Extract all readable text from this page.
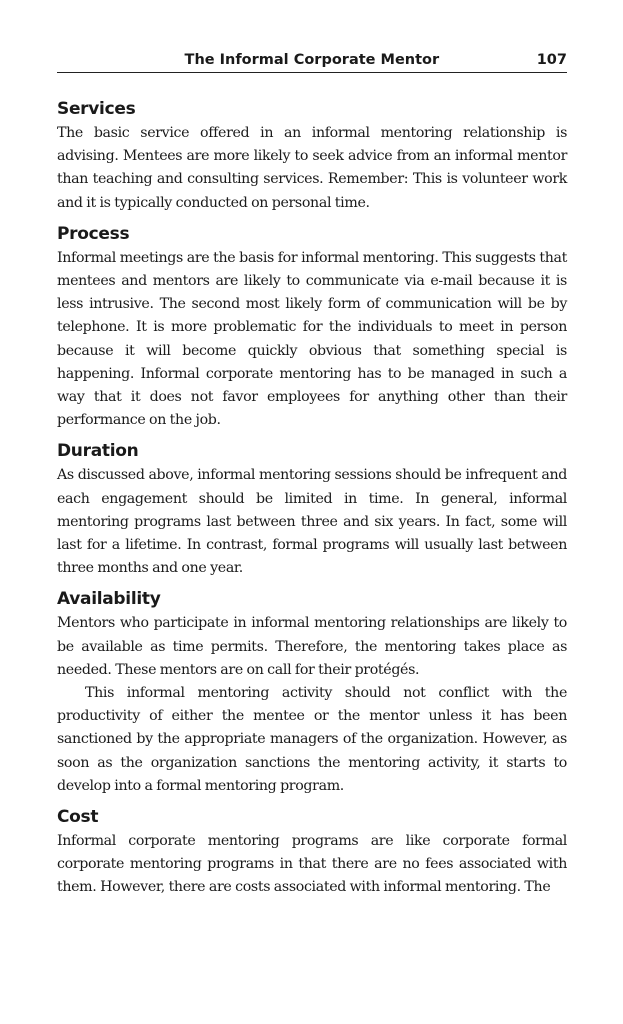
The Informal Corporate Mentor	107
Services

The basic service offered in an informal mentoring relationship is advising. Mentees are more likely to seek advice from an informal mentor than teaching and consulting services. Remember: This is volunteer work and it is typically conducted on personal time.

Process

Informal meetings are the basis for informal mentoring. This suggests that mentees and mentors are likely to communicate via e-mail because it is less intrusive. The second most likely form of communication will be by telephone. It is more problematic for the individuals to meet in person because it will become quickly obvious that something special is happening. Informal corporate mentoring has to be managed in such a way that it does not favor employees for anything other than their performance on the job.

Duration

As discussed above, informal mentoring sessions should be infrequent and each engagement should be limited in time. In general, informal mentoring programs last between three and six years. In fact, some will last for a lifetime. In contrast, formal programs will usually last between three months and one year.

Availability

Mentors who participate in informal mentoring relationships are likely to be available as time permits. Therefore, the mentoring takes place as needed. These mentors are on call for their protégés.

This informal mentoring activity should not conflict with the productivity of either the mentee or the mentor unless it has been sanctioned by the appropriate managers of the organization. However, as soon as the organization sanctions the mentoring activity, it starts to develop into a formal mentoring program.

Cost

Informal corporate mentoring programs are like corporate formal corporate mentoring programs in that there are no fees associated with them. However, there are costs associated with informal mentoring. The
